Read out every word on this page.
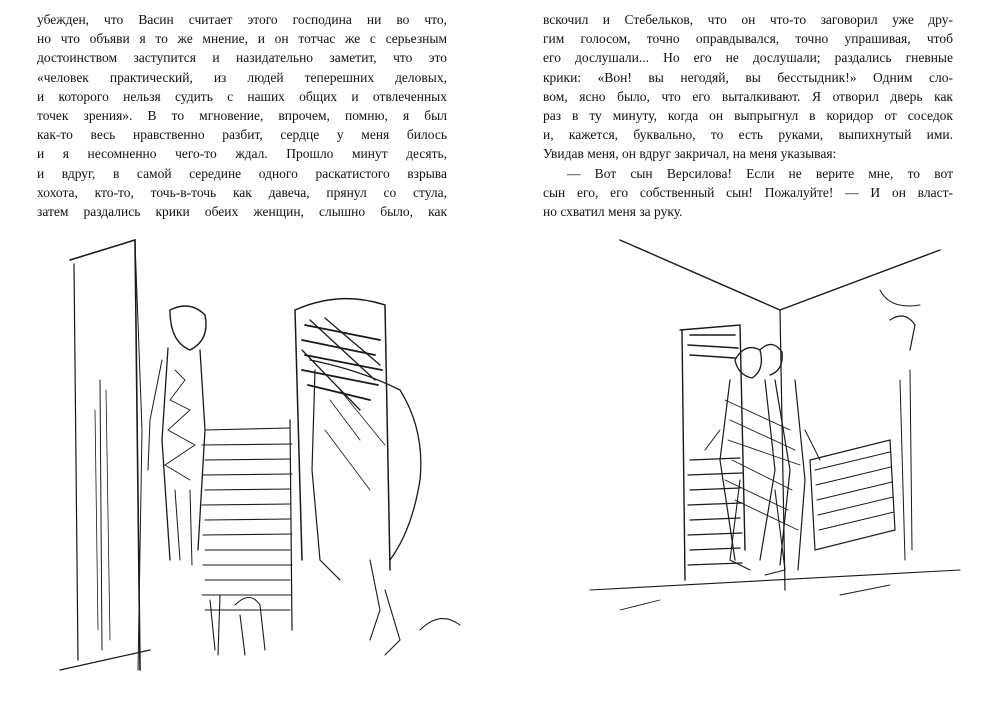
убежден, что Васин считает этого господина ни во что,
но что объяви я то же мнение, и он тотчас же с серьезным
достоинством заступится и назидательно заметит, что это
«человек практический, из людей теперешних деловых,
и которого нельзя судить с наших общих и отвлеченных
точек зрения». В то мгновение, впрочем, помню, я был
как-то весь нравственно разбит, сердце у меня билось
и я несомненно чего-то ждал. Прошло минут десять,
и вдруг, в самой середине одного раскатистого взрыва
хохота, кто-то, точь-в-точь как давеча, прянул со стула,
затем раздались крики обеих женщин, слышно было, как
вскочил и Стебельков, что он что-то заговорил уже дру-
гим голосом, точно оправдывался, точно упрашивая, чтоб
его дослушали... Но его не дослушали; раздались гневные
крики: «Вон! вы негодяй, вы бесстыдник!» Одним сло-
вом, ясно было, что его выталкивают. Я отворил дверь как
раз в ту минуту, когда он выпрыгнул в коридор от соседок
и, кажется, буквально, то есть руками, выпихнутый ими.
Увидав меня, он вдруг закричал, на меня указывая:
— Вот сын Версилова! Если не верите мне, то вот
сын его, его собственный сын! Пожалуйте! — И он власт-
но схватил меня за руку.
